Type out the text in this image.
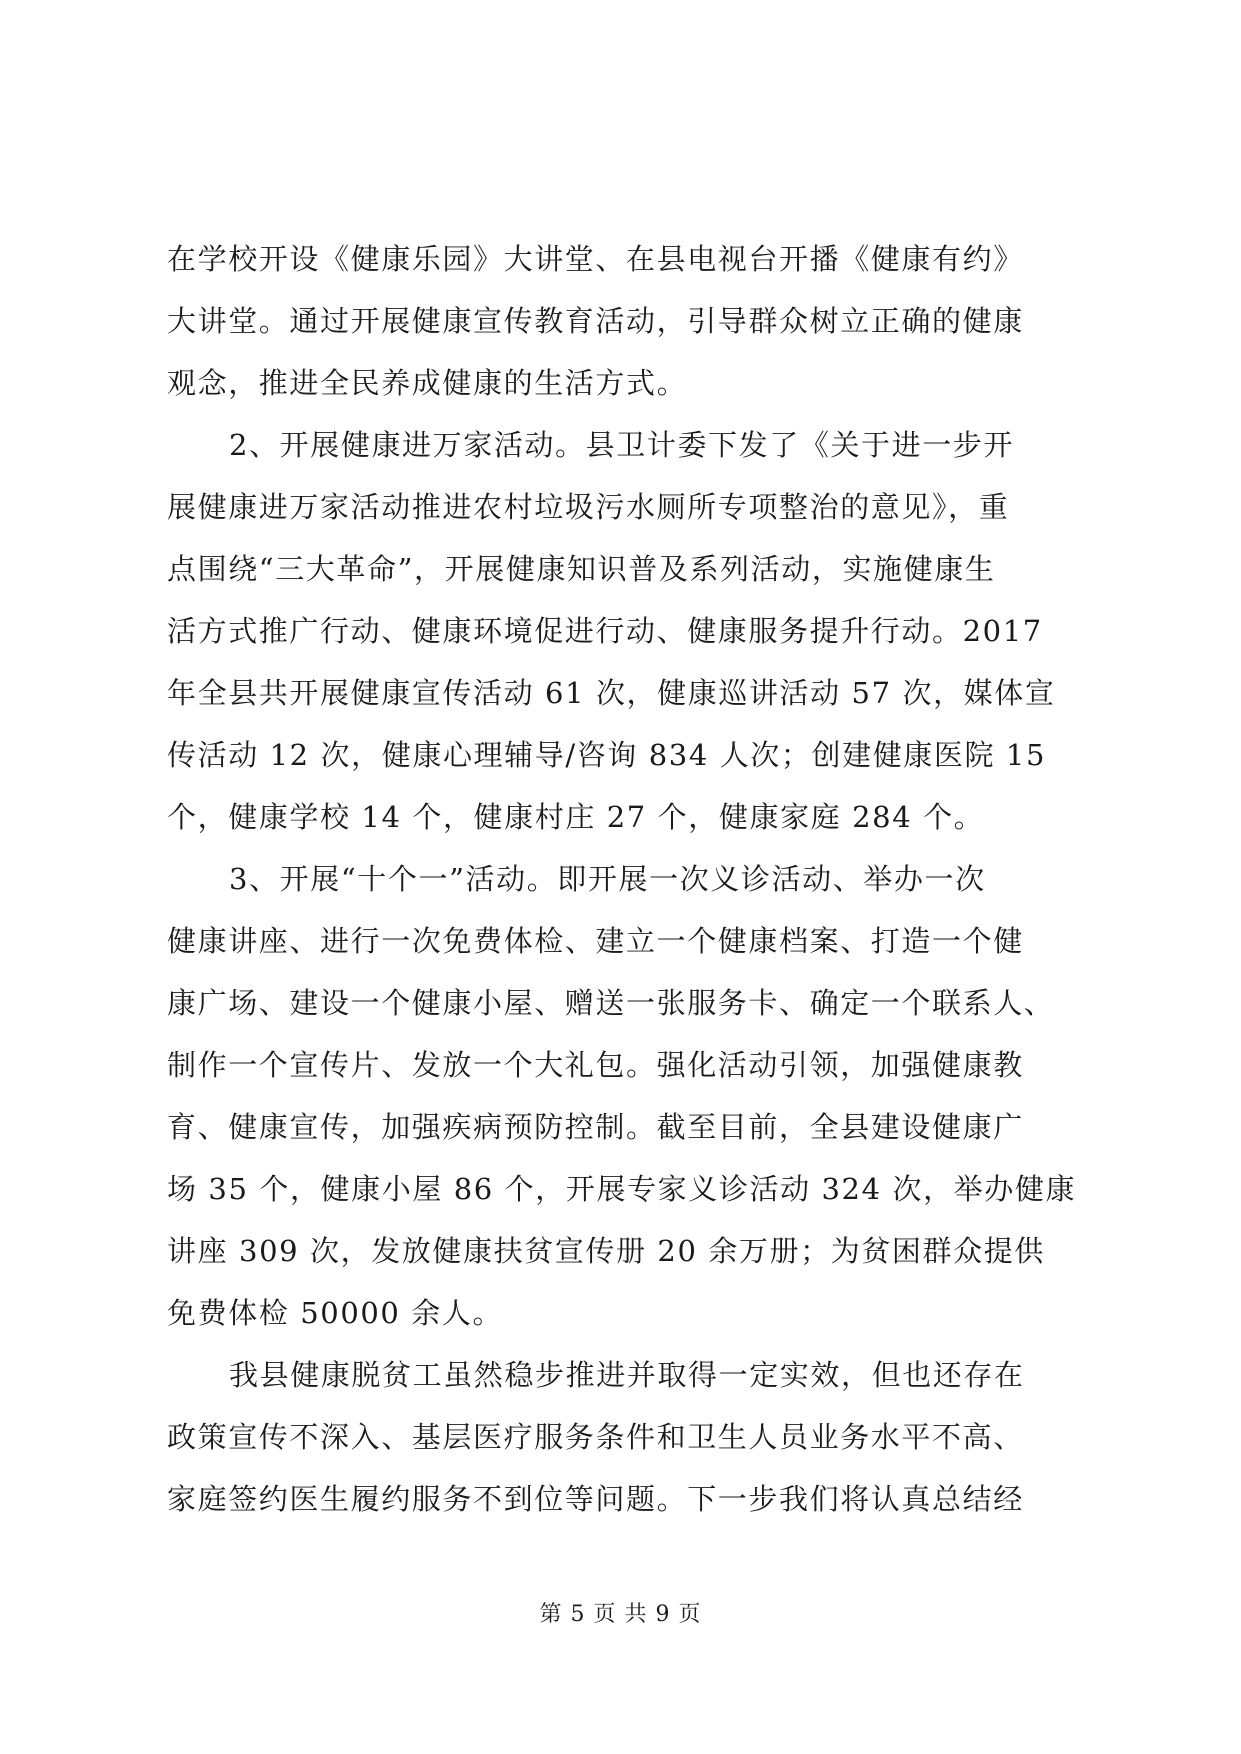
在学校开设《健康乐园》大讲堂、在县电视台开播《健康有约》
大讲堂。通过开展健康宣传教育活动，引导群众树立正确的健康
观念，推进全民养成健康的生活方式。
2、开展健康进万家活动。县卫计委下发了《关于进一步开
展健康进万家活动推进农村垃圾污水厕所专项整治的意见》，重
点围绕“三大革命”，开展健康知识普及系列活动，实施健康生
活方式推广行动、健康环境促进行动、健康服务提升行动。2017
年全县共开展健康宣传活动 61 次，健康巡讲活动 57 次，媒体宣
传活动 12 次，健康心理辅导/咨询 834 人次；创建健康医院 15
个，健康学校 14 个，健康村庄 27 个，健康家庭 284 个。
3、开展“十个一”活动。即开展一次义诊活动、举办一次
健康讲座、进行一次免费体检、建立一个健康档案、打造一个健
康广场、建设一个健康小屋、赠送一张服务卡、确定一个联系人、
制作一个宣传片、发放一个大礼包。强化活动引领，加强健康教
育、健康宣传，加强疾病预防控制。截至目前，全县建设健康广
场 35 个，健康小屋 86 个，开展专家义诊活动 324 次，举办健康
讲座 309 次，发放健康扶贫宣传册 20 余万册；为贫困群众提供
免费体检 50000 余人。
我县健康脱贫工虽然稳步推进并取得一定实效，但也还存在
政策宣传不深入、基层医疗服务条件和卫生人员业务水平不高、
家庭签约医生履约服务不到位等问题。下一步我们将认真总结经
第 5 页 共 9 页
